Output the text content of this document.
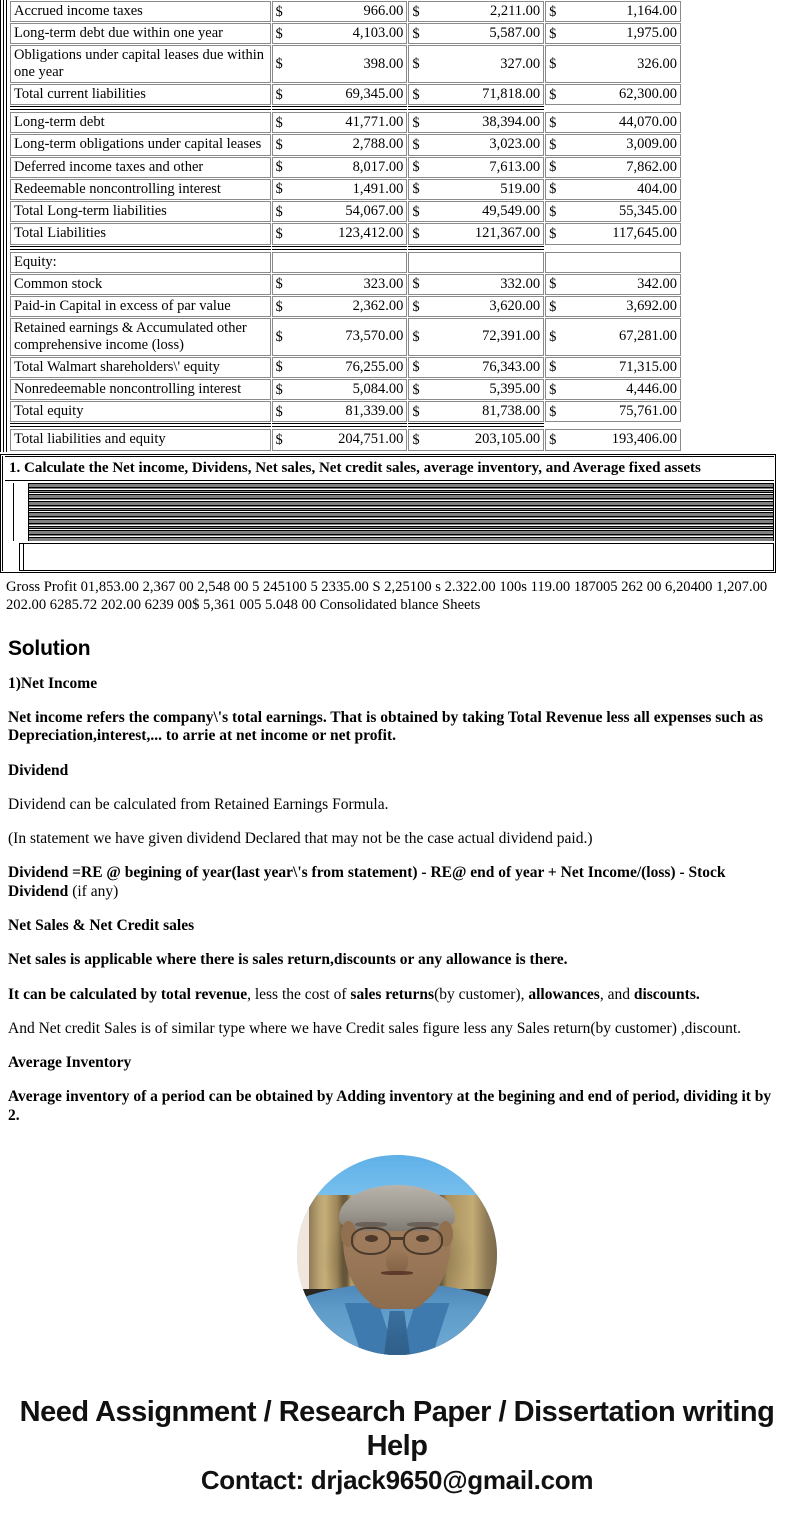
Accrued income taxes	$ 966.00	$ 2,211.00	$ 1,164.00
Long-term debt due within one year	$ 4,103.00	$ 5,587.00	$ 1,975.00
Obligations under capital leases due within one year	$ 398.00	$ 327.00	$ 326.00
Total current liabilities	$ 69,345.00	$ 71,818.00	$ 62,300.00

Long-term debt	$ 41,771.00	$ 38,394.00	$ 44,070.00
Long-term obligations under capital leases	$ 2,788.00	$ 3,023.00	$ 3,009.00
Deferred income taxes and other	$ 8,017.00	$ 7,613.00	$ 7,862.00
Redeemable noncontrolling interest	$ 1,491.00	$ 519.00	$ 404.00
Total Long-term liabilities	$ 54,067.00	$ 49,549.00	$ 55,345.00
Total Liabilities	$ 123,412.00	$ 121,367.00	$ 117,645.00

Equity:			
Common stock	$ 323.00	$ 332.00	$ 342.00
Paid-in Capital in excess of par value	$ 2,362.00	$ 3,620.00	$ 3,692.00
Retained earnings & Accumulated other comprehensive income (loss)	$ 73,570.00	$ 72,391.00	$ 67,281.00
Total Walmart shareholders\' equity	$ 76,255.00	$ 76,343.00	$ 71,315.00
Nonredeemable noncontrolling interest	$ 5,084.00	$ 5,395.00	$ 4,446.00
Total equity	$ 81,339.00	$ 81,738.00	$ 75,761.00

Total liabilities and equity	$ 204,751.00	$ 203,105.00	$ 193,406.00
1. Calculate the Net income, Dividens, Net sales, Net credit sales, average inventory, and Average fixed assets
Gross Profit 01,853.00 2,367 00 2,548 00 5 245100 5 2335.00 S 2,25100 s 2.322.00 100s 119.00 187005 262 00 6,20400 1,207.00 202.00 6285.72 202.00 6239 00$ 5,361 005 5.048 00 Consolidated blance Sheets
Solution

1)Net Income

Net income refers the company\'s total earnings. That is obtained by taking Total Revenue less all expenses such as Depreciation,interest,... to arrie at net income or net profit.

Dividend

Dividend can be calculated from Retained Earnings Formula.

(In statement we have given dividend Declared that may not be the case actual dividend paid.)

Dividend =RE @ begining of year(last year\'s from statement) - RE@ end of year + Net Income/(loss) - Stock Dividend (if any)

Net Sales & Net Credit sales

Net sales is applicable where there is sales return,discounts or any allowance is there.

It can be calculated by total revenue, less the cost of sales returns(by customer), allowances, and discounts.

And Net credit Sales is of similar type where we have Credit sales figure less any Sales return(by customer) ,discount.

Average Inventory

Average inventory of a period can be obtained by Adding inventory at the begining and end of period, dividing it by 2.

Need Assignment / Research Paper / Dissertation writing Help
Contact: drjack9650@gmail.com
